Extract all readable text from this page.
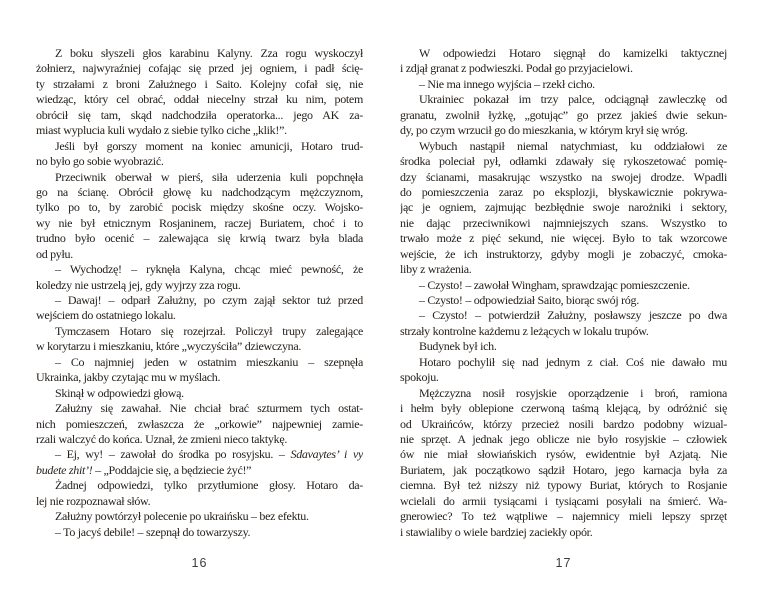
Z boku słyszeli głos karabinu Kalyny. Zza rogu wyskoczył
żołnierz, najwyraźniej cofając się przed jej ogniem, i padł ścię-
ty strzałami z broni Załużnego i Saito. Kolejny cofał się, nie
wiedząc, który cel obrać, oddał niecelny strzał ku nim, potem
obrócił się tam, skąd nadchodziła operatorka... jego AK za-
miast wyplucia kuli wydało z siebie tylko ciche „klik!”.
Jeśli był gorszy moment na koniec amunicji, Hotaro trud-
no było go sobie wyobrazić.
Przeciwnik oberwał w pierś, siła uderzenia kuli popchnęła
go na ścianę. Obrócił głowę ku nadchodzącym mężczyznom,
tylko po to, by zarobić pocisk między skośne oczy. Wojsko-
wy nie był etnicznym Rosjaninem, raczej Buriatem, choć i to
trudno było ocenić – zalewająca się krwią twarz była blada
od pyłu.
– Wychodzę! – ryknęła Kalyna, chcąc mieć pewność, że
koledzy nie ustrzelą jej, gdy wyjrzy zza rogu.
– Dawaj! – odparł Załużny, po czym zajął sektor tuż przed
wejściem do ostatniego lokalu.
Tymczasem Hotaro się rozejrzał. Policzył trupy zalegające
w korytarzu i mieszkaniu, które „wyczyściła” dziewczyna.
– Co najmniej jeden w ostatnim mieszkaniu – szepnęła
Ukrainka, jakby czytając mu w myślach.
Skinął w odpowiedzi głową.
Załużny się zawahał. Nie chciał brać szturmem tych ostat-
nich pomieszczeń, zwłaszcza że „orkowie” najpewniej zamie-
rzali walczyć do końca. Uznał, że zmieni nieco taktykę.
– Ej, wy! – zawołał do środka po rosyjsku. – Sdavaytes’ i vy
budete zhit’! – „Poddajcie się, a będziecie żyć!”
Żadnej odpowiedzi, tylko przytłumione głosy. Hotaro da-
lej nie rozpoznawał słów.
Załużny powtórzył polecenie po ukraińsku – bez efektu.
– To jacyś debile! – szepnął do towarzyszy.
16
W odpowiedzi Hotaro sięgnął do kamizelki taktycznej
i zdjął granat z podwieszki. Podał go przyjacielowi.
– Nie ma innego wyjścia – rzekł cicho.
Ukrainiec pokazał im trzy palce, odciągnął zawleczkę od
granatu, zwolnił łyżkę, „gotując” go przez jakieś dwie sekun-
dy, po czym wrzucił go do mieszkania, w którym krył się wróg.
Wybuch nastąpił niemal natychmiast, ku oddziałowi ze
środka poleciał pył, odłamki zdawały się rykoszetować pomię-
dzy ścianami, masakrując wszystko na swojej drodze. Wpadli
do pomieszczenia zaraz po eksplozji, błyskawicznie pokrywa-
jąc je ogniem, zajmując bezbłędnie swoje narożniki i sektory,
nie dając przeciwnikowi najmniejszych szans. Wszystko to
trwało może z pięć sekund, nie więcej. Było to tak wzorcowe
wejście, że ich instruktorzy, gdyby mogli je zobaczyć, cmoka-
liby z wrażenia.
– Czysto! – zawołał Wingham, sprawdzając pomieszczenie.
– Czysto! – odpowiedział Saito, biorąc swój róg.
– Czysto! – potwierdził Załużny, posławszy jeszcze po dwa
strzały kontrolne każdemu z leżących w lokalu trupów.
Budynek był ich.
Hotaro pochylił się nad jednym z ciał. Coś nie dawało mu
spokoju.
Mężczyzna nosił rosyjskie oporządzenie i broń, ramiona
i hełm były oblepione czerwoną taśmą klejącą, by odróżnić się
od Ukraińców, którzy przecież nosili bardzo podobny wizual-
nie sprzęt. A jednak jego oblicze nie było rosyjskie – człowiek
ów nie miał słowiańskich rysów, ewidentnie był Azjatą. Nie
Buriatem, jak początkowo sądził Hotaro, jego karnacja była za
ciemna. Był też niższy niż typowy Buriat, których to Rosjanie
wcielali do armii tysiącami i tysiącami posyłali na śmierć. Wa-
gnerowiec? To też wątpliwe – najemnicy mieli lepszy sprzęt
i stawialiby o wiele bardziej zaciekły opór.
17
